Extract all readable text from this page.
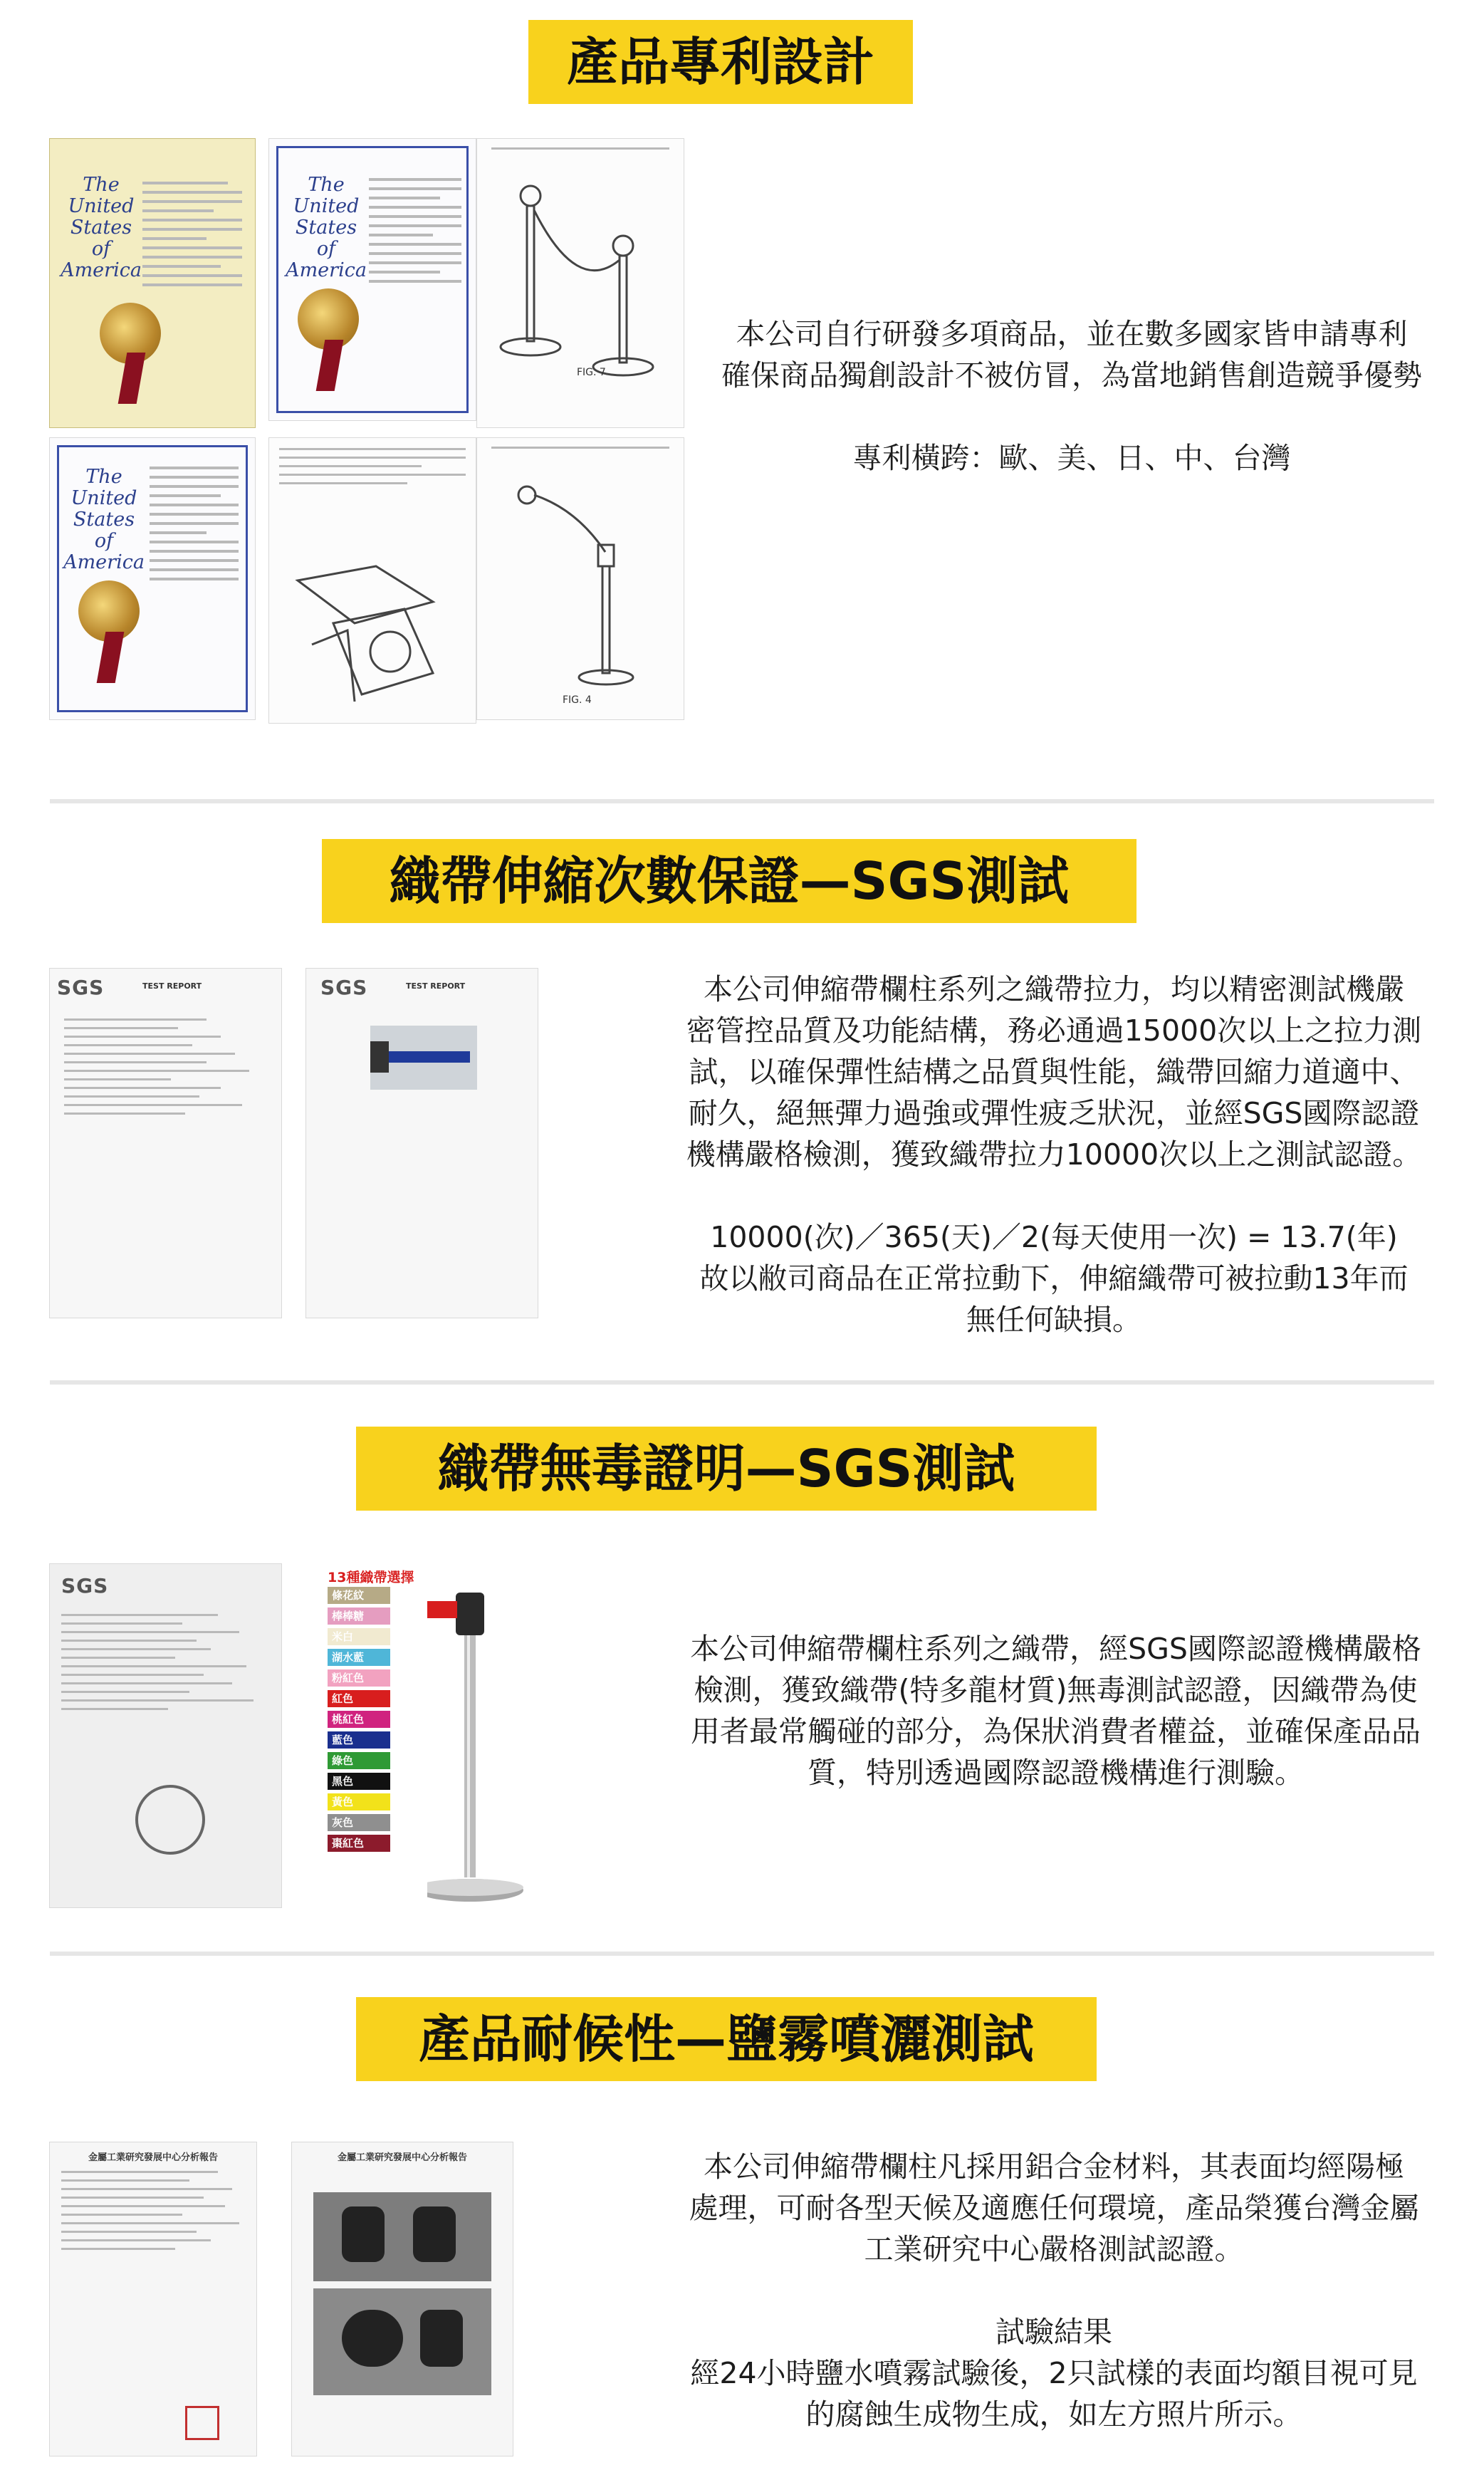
產品專利設計
The United States of America
The United States of America
FIG. 7
The United States of America
FIG. 4

本公司自行研發多項商品，並在數多國家皆申請專利

確保商品獨創設計不被仿冒，為當地銷售創造競爭優勢

專利橫跨：歐、美、日、中、台灣

織帶伸縮次數保證—SGS測試
SGS	TEST REPORT	SGS	TEST REPORT	本公司伸縮帶欄柱系列之織帶拉力，均以精密測試機嚴

密管控品質及功能結構，務必通過15000次以上之拉力測

試，以確保彈性結構之品質與性能，織帶回縮力道適中、

耐久，絕無彈力過強或彈性疲乏狀況，並經SGS國際認證

機構嚴格檢測，獲致織帶拉力10000次以上之測試認證。

10000(次)／365(天)／2(每天使用一次) = 13.7(年)

故以敝司商品在正常拉動下，伸縮織帶可被拉動13年而

無任何缺損。

織帶無毒證明—SGS測試
SGS	13種織帶選擇
條花紋
棒棒糖
米白
湖水藍
粉紅色
紅色
桃紅色
藍色
綠色
黑色
黃色
灰色
棗紅色

本公司伸縮帶欄柱系列之織帶，經SGS國際認證機構嚴格

檢測，獲致織帶(特多龍材質)無毒測試認證，因織帶為使

用者最常觸碰的部分，為保狀消費者權益，並確保產品品

質，特別透過國際認證機構進行測驗。

產品耐候性—鹽霧噴灑測試
金屬工業研究發展中心分析報告	金屬工業研究發展中心分析報告	本公司伸縮帶欄柱凡採用鋁合金材料，其表面均經陽極

處理，可耐各型天候及適應任何環境，產品榮獲台灣金屬

工業研究中心嚴格測試認證。

試驗結果

經24小時鹽水噴霧試驗後，2只試樣的表面均額目視可見

的腐蝕生成物生成，如左方照片所示。
